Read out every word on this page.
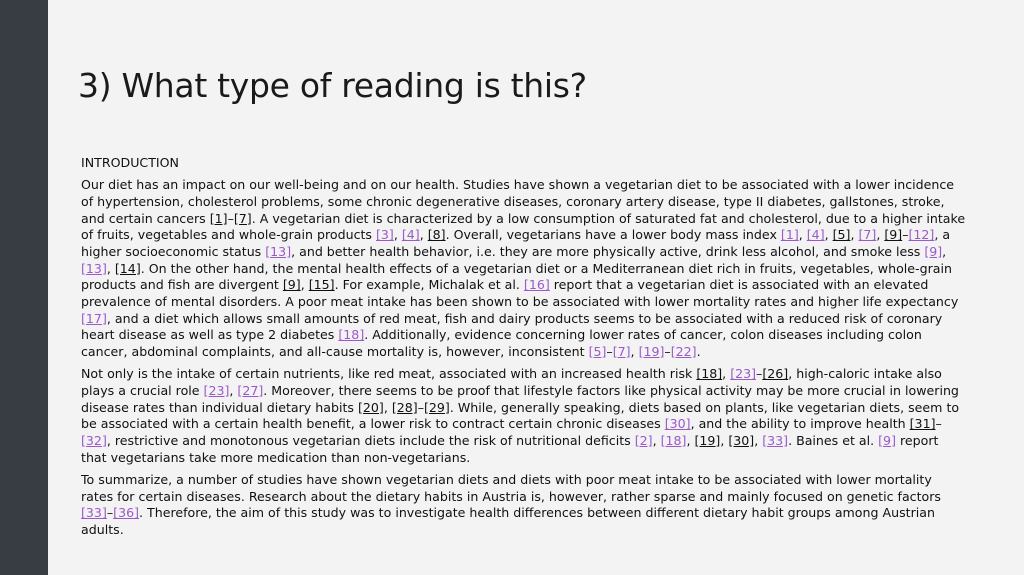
3) What type of reading is this?

INTRODUCTION

Our diet has an impact on our well-being and on our health. Studies have shown a vegetarian diet to be associated with a lower incidence of hypertension, cholesterol problems, some chronic degenerative diseases, coronary artery disease, type II diabetes, gallstones, stroke, and certain cancers [1]–[7]. A vegetarian diet is characterized by a low consumption of saturated fat and cholesterol, due to a higher intake of fruits, vegetables and whole-grain products [3], [4], [8]. Overall, vegetarians have a lower body mass index [1], [4], [5], [7], [9]–[12], a higher socioeconomic status [13], and better health behavior, i.e. they are more physically active, drink less alcohol, and smoke less [9], [13], [14]. On the other hand, the mental health effects of a vegetarian diet or a Mediterranean diet rich in fruits, vegetables, whole-grain products and fish are divergent [9], [15]. For example, Michalak et al. [16] report that a vegetarian diet is associated with an elevated prevalence of mental disorders. A poor meat intake has been shown to be associated with lower mortality rates and higher life expectancy [17], and a diet which allows small amounts of red meat, fish and dairy products seems to be associated with a reduced risk of coronary heart disease as well as type 2 diabetes [18]. Additionally, evidence concerning lower rates of cancer, colon diseases including colon cancer, abdominal complaints, and all-cause mortality is, however, inconsistent [5]–[7], [19]–[22].

Not only is the intake of certain nutrients, like red meat, associated with an increased health risk [18], [23]–[26], high-caloric intake also plays a crucial role [23], [27]. Moreover, there seems to be proof that lifestyle factors like physical activity may be more crucial in lowering disease rates than individual dietary habits [20], [28]–[29]. While, generally speaking, diets based on plants, like vegetarian diets, seem to be associated with a certain health benefit, a lower risk to contract certain chronic diseases [30], and the ability to improve health [31]–[32], restrictive and monotonous vegetarian diets include the risk of nutritional deficits [2], [18], [19], [30], [33]. Baines et al. [9] report that vegetarians take more medication than non-vegetarians.

To summarize, a number of studies have shown vegetarian diets and diets with poor meat intake to be associated with lower mortality rates for certain diseases. Research about the dietary habits in Austria is, however, rather sparse and mainly focused on genetic factors [33]–[36]. Therefore, the aim of this study was to investigate health differences between different dietary habit groups among Austrian adults.
